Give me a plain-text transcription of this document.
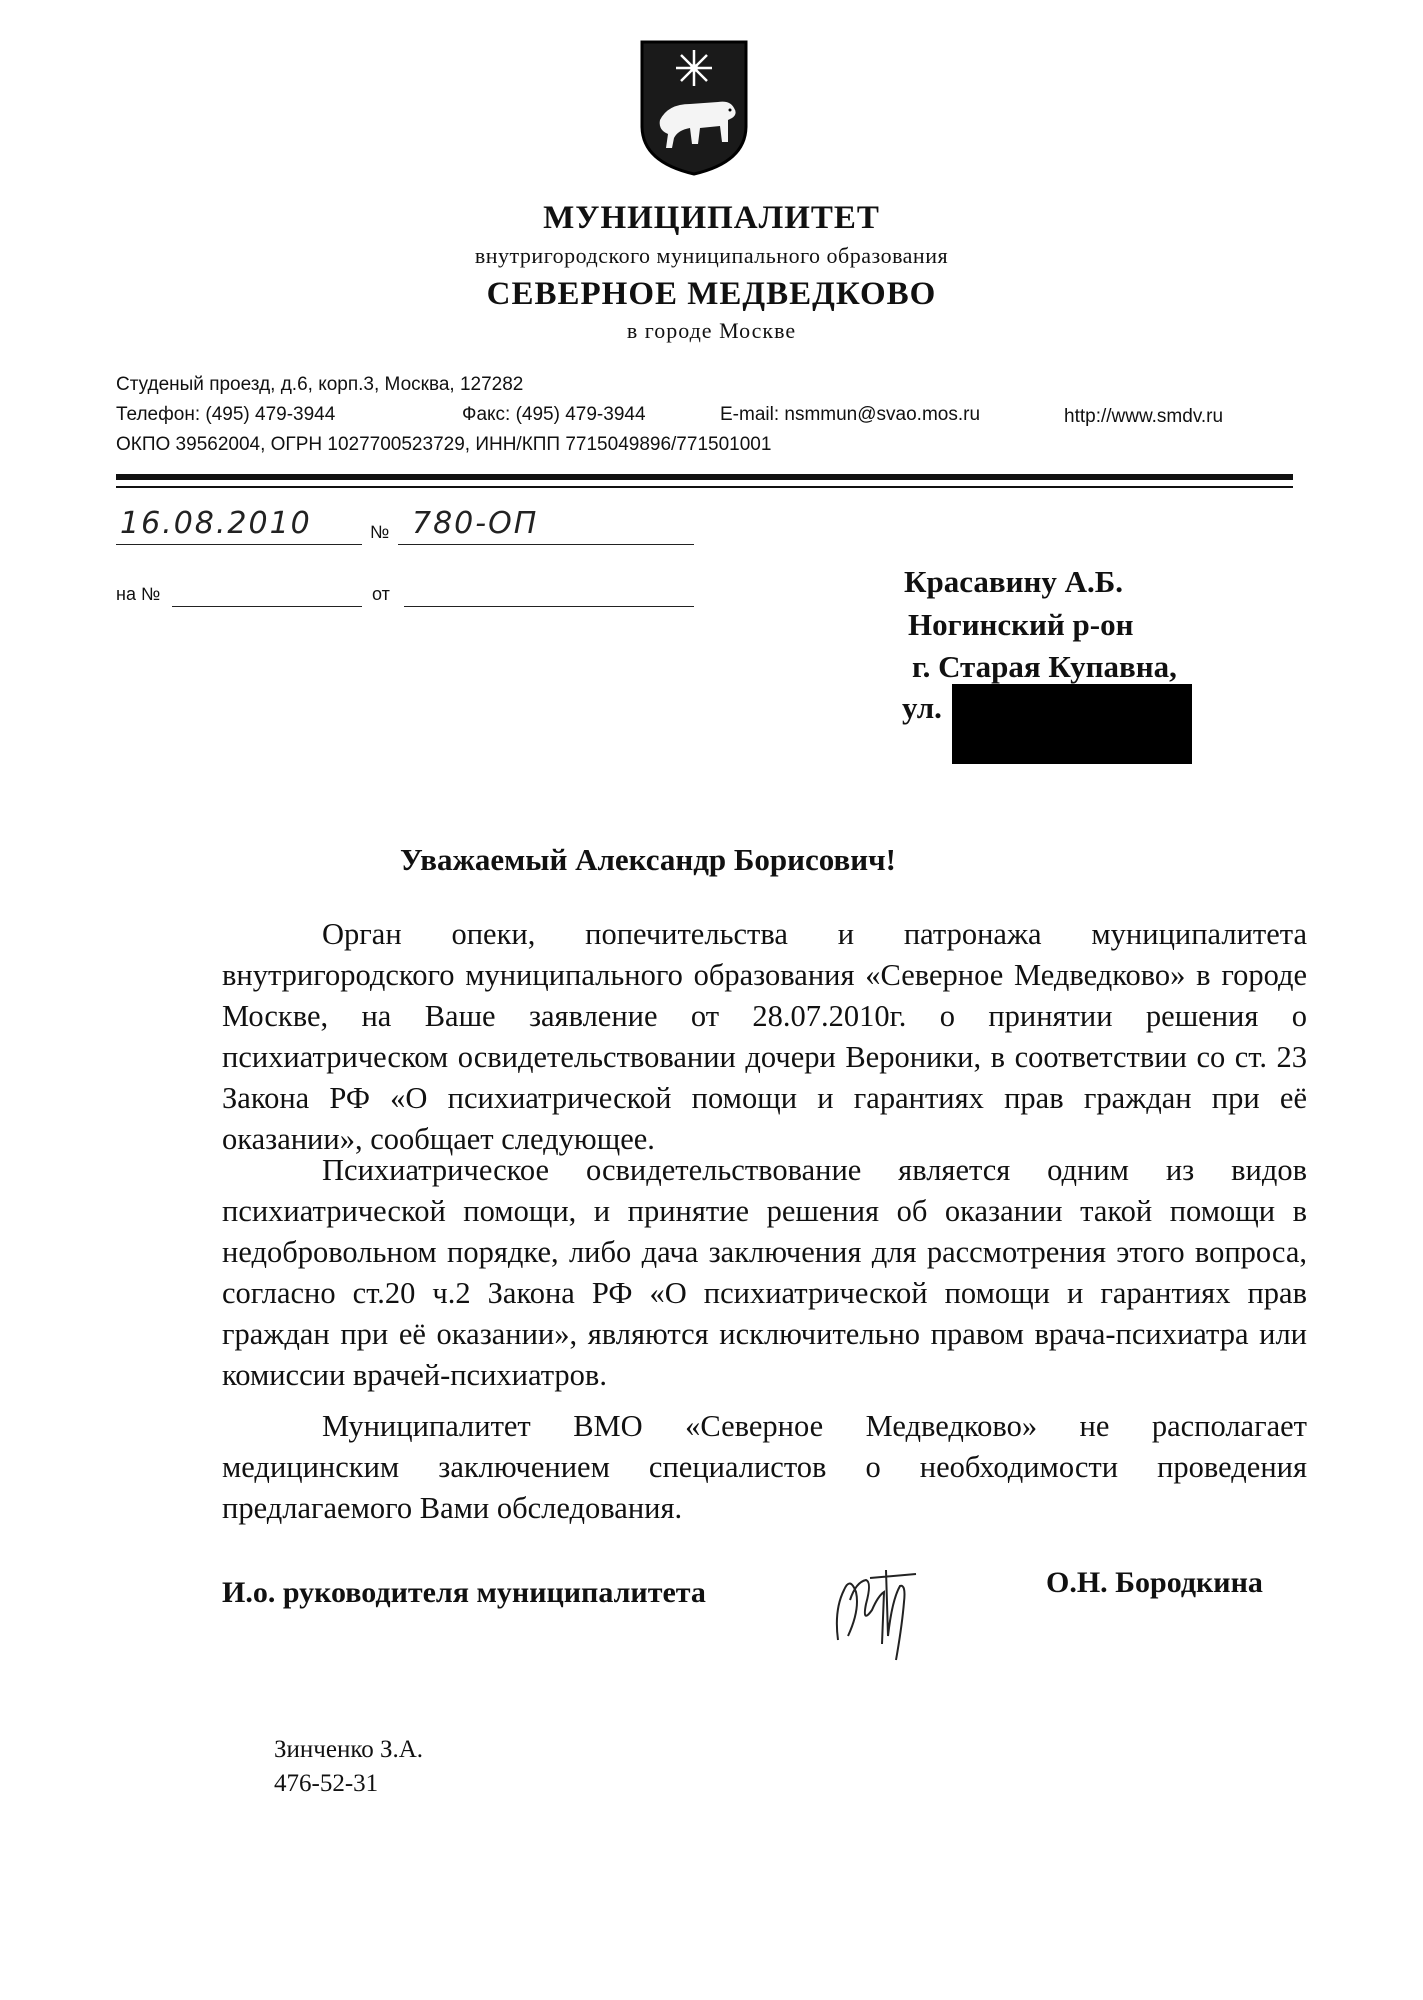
МУНИЦИПАЛИТЕТ
внутригородского муниципального образования
СЕВЕРНОЕ МЕДВЕДКОВО
в городе Москве
Студеный проезд, д.6, корп.3, Москва, 127282
Телефон: (495) 479-3944	Факс: (495) 479-3944	E-mail: nsmmun@svao.mos.ru	http://www.smdv.ru
ОКПО 39562004, ОГРН 1027700523729, ИНН/КПП 7715049896/771501001
16.08.2010	№ 780-ОП
на №	от	Красавину А.Б.
Ногинский р-он
г. Старая Купавна,
ул.
Уважаемый Александр Борисович!
Орган опеки, попечительства и патронажа муниципалитета внутригородского муниципального образования «Северное Медведково» в городе Москве, на Ваше заявление от 28.07.2010г. о принятии решения о психиатрическом освидетельствовании дочери Вероники, в соответствии со ст. 23 Закона РФ «О психиатрической помощи и гарантиях прав граждан при её оказании», сообщает следующее.
Психиатрическое освидетельствование является одним из видов психиатрической помощи, и принятие решения об оказании такой помощи в недобровольном порядке, либо дача заключения для рассмотрения этого вопроса, согласно ст.20 ч.2 Закона РФ «О психиатрической помощи и гарантиях прав граждан при её оказании», являются исключительно правом врача-психиатра или комиссии врачей-психиатров.
Муниципалитет ВМО «Северное Медведково» не располагает медицинским заключением специалистов о необходимости проведения предлагаемого Вами обследования.
И.о. руководителя муниципалитета	О.Н. Бородкина
Зинченко З.А.
476-52-31
